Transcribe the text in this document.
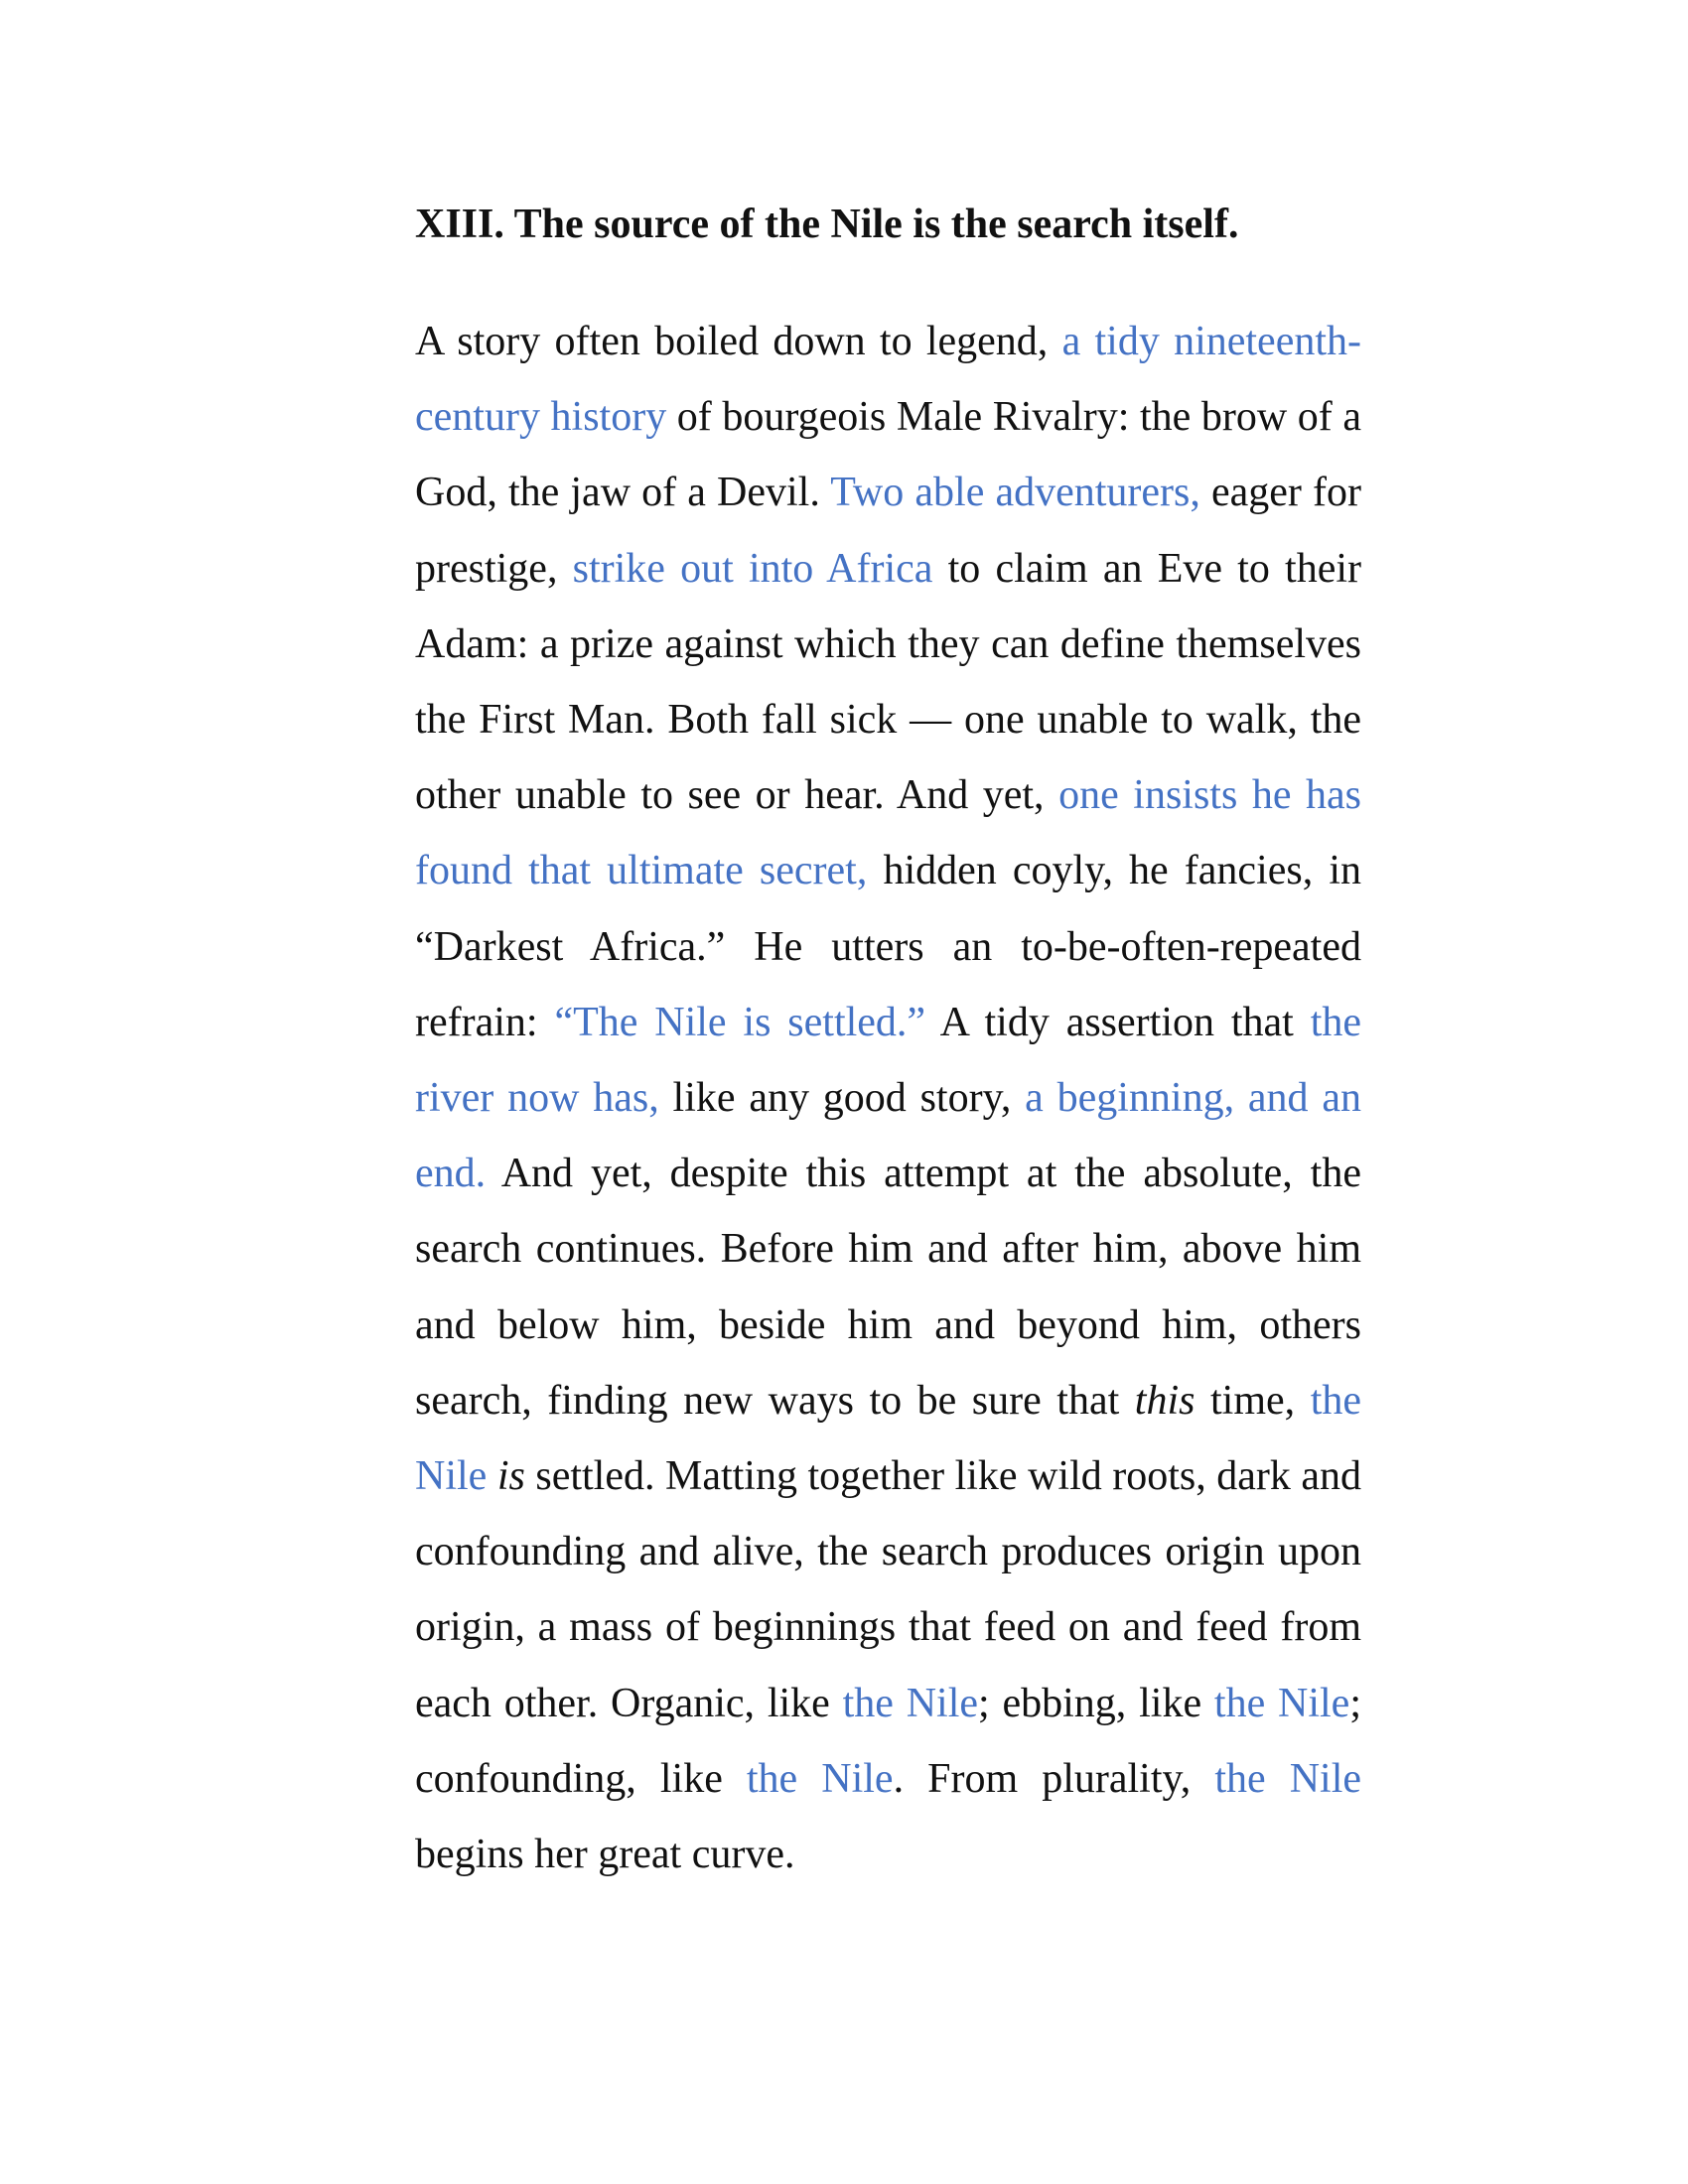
XIII. The source of the Nile is the search itself.

A story often boiled down to legend, a tidy nineteenth-century history of bourgeois Male Rivalry: the brow of a God, the jaw of a Devil. Two able adventurers, eager for prestige, strike out into Africa to claim an Eve to their Adam: a prize against which they can define themselves the First Man. Both fall sick — one unable to walk, the other unable to see or hear. And yet, one insists he has found that ultimate secret, hidden coyly, he fancies, in “Darkest Africa.” He utters an to-be-often-repeated refrain: “The Nile is settled.” A tidy assertion that the river now has, like any good story, a beginning, and an end. And yet, despite this attempt at the absolute, the search continues. Before him and after him, above him and below him, beside him and beyond him, others search, finding new ways to be sure that this time, the Nile is settled. Matting together like wild roots, dark and confounding and alive, the search produces origin upon origin, a mass of beginnings that feed on and feed from each other. Organic, like the Nile; ebbing, like the Nile; confounding, like the Nile. From plurality, the Nile begins her great curve.
